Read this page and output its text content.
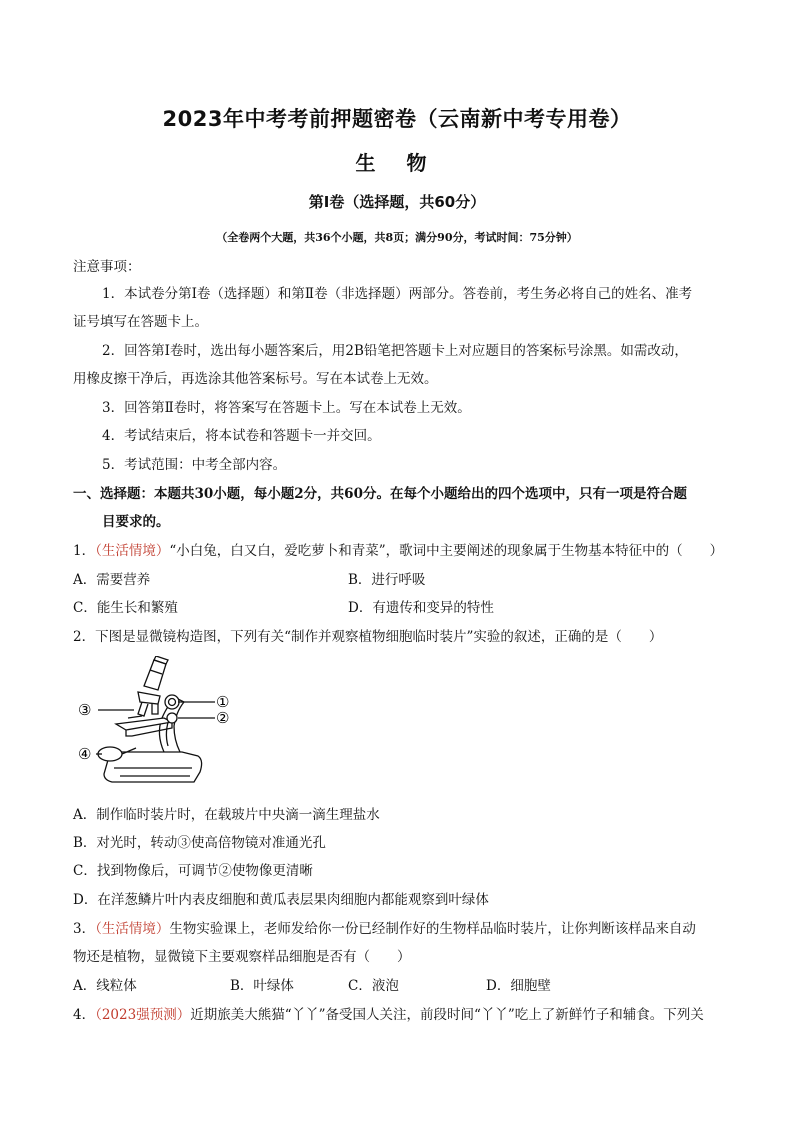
2023年中考考前押题密卷（云南新中考专用卷）
生 物
第Ⅰ卷（选择题，共60分）
（全卷两个大题，共36个小题，共8页；满分90分，考试时间：75分钟）
注意事项：
1．本试卷分第Ⅰ卷（选择题）和第Ⅱ卷（非选择题）两部分。答卷前，考生务必将自己的姓名、准考
证号填写在答题卡上。
2．回答第Ⅰ卷时，选出每小题答案后，用2B铅笔把答题卡上对应题目的答案标号涂黑。如需改动，
用橡皮擦干净后，再选涂其他答案标号。写在本试卷上无效。
3．回答第Ⅱ卷时，将答案写在答题卡上。写在本试卷上无效。
4．考试结束后，将本试卷和答题卡一并交回。
5．考试范围：中考全部内容。
一、选择题：本题共30小题，每小题2分，共60分。在每个小题给出的四个选项中，只有一项是符合题
目要求的。
1．（生活情境）“小白兔，白又白，爱吃萝卜和青菜”，歌词中主要阐述的现象属于生物基本特征中的（　　）
A．需要营养	B．进行呼吸
C．能生长和繁殖	D．有遗传和变异的特性
2．下图是显微镜构造图，下列有关“制作并观察植物细胞临时装片”实验的叙述，正确的是（　　）
①
②
③
④
A．制作临时装片时，在载玻片中央滴一滴生理盐水
B．对光时，转动③使高倍物镜对准通光孔
C．找到物像后，可调节②使物像更清晰
D．在洋葱鳞片叶内表皮细胞和黄瓜表层果肉细胞内都能观察到叶绿体
3．（生活情境）生物实验课上，老师发给你一份已经制作好的生物样品临时装片，让你判断该样品来自动
物还是植物，显微镜下主要观察样品细胞是否有（　　）
A．线粒体	B．叶绿体	C．液泡	D．细胞壁
4．（2023强预测）近期旅美大熊猫“丫丫”备受国人关注，前段时间“丫丫”吃上了新鲜竹子和辅食。下列关
